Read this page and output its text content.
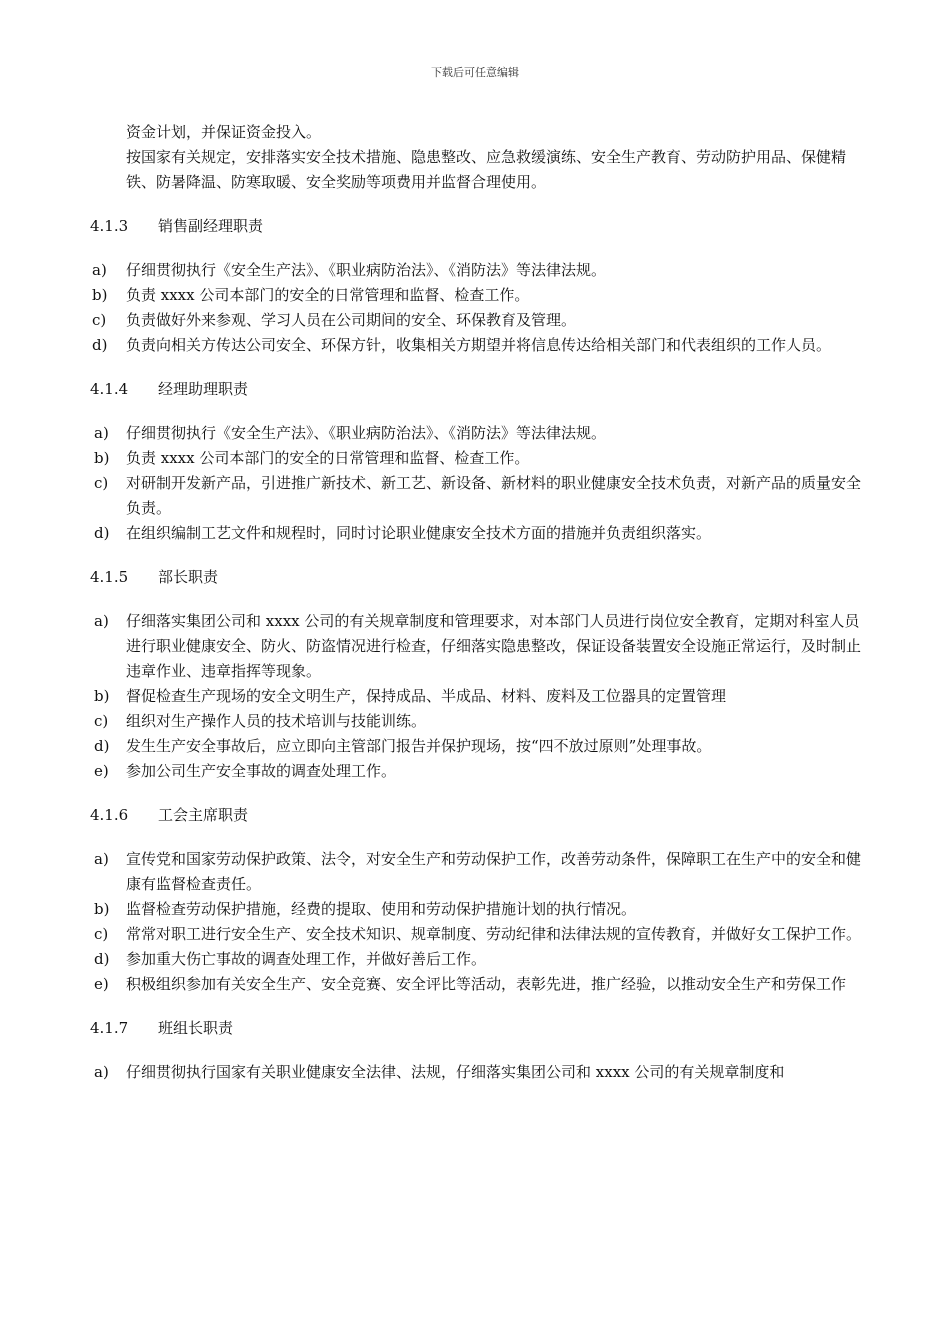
下载后可任意编辑

资金计划，并保证资金投入。

按国家有关规定，安排落实安全技术措施、隐患整改、应急救缓演练、安全生产教育、劳动防护用品、保健精铁、防暑降温、防寒取暖、安全奖励等项费用并监督合理使用。

4.1.3 销售副经理职责
a) 仔细贯彻执行《安全生产法》、《职业病防治法》、《消防法》等法律法规。
b) 负责 xxxx 公司本部门的安全的日常管理和监督、检查工作。
c) 负责做好外来参观、学习人员在公司期间的安全、环保教育及管理。
d) 负责向相关方传达公司安全、环保方针，收集相关方期望并将信息传达给相关部门和代表组织的工作人员。
4.1.4 经理助理职责
a)	仔细贯彻执行《安全生产法》、《职业病防治法》、《消防法》等法律法规。
b)	负责 xxxx 公司本部门的安全的日常管理和监督、检查工作。
c)	对研制开发新产品，引进推广新技术、新工艺、新设备、新材料的职业健康安全技术负责，对新产品的质量安全负责。
d)	在组织编制工艺文件和规程时，同时讨论职业健康安全技术方面的措施并负责组织落实。
4.1.5 部长职责
a)	仔细落实集团公司和 xxxx 公司的有关规章制度和管理要求，对本部门人员进行岗位安全教育，定期对科室人员进行职业健康安全、防火、防盗情况进行检查，仔细落实隐患整改，保证设备装置安全设施正常运行，及时制止违章作业、违章指挥等现象。
b)	督促检查生产现场的安全文明生产，保持成品、半成品、材料、废料及工位器具的定置管理
c)	组织对生产操作人员的技术培训与技能训练。
d)	发生生产安全事故后，应立即向主管部门报告并保护现场，按“四不放过原则”处理事故。
e)	参加公司生产安全事故的调查处理工作。
4.1.6 工会主席职责
a)	宣传党和国家劳动保护政策、法令，对安全生产和劳动保护工作，改善劳动条件，保障职工在生产中的安全和健康有监督检查责任。
b)	监督检查劳动保护措施，经费的提取、使用和劳动保护措施计划的执行情况。
c)	常常对职工进行安全生产、安全技术知识、规章制度、劳动纪律和法律法规的宣传教育，并做好女工保护工作。
d)	参加重大伤亡事故的调查处理工作，并做好善后工作。
e)	积极组织参加有关安全生产、安全竞赛、安全评比等活动，表彰先进，推广经验，以推动安全生产和劳保工作
4.1.7 班组长职责
a)	仔细贯彻执行国家有关职业健康安全法律、法规，仔细落实集团公司和 xxxx 公司的有关规章制度和
